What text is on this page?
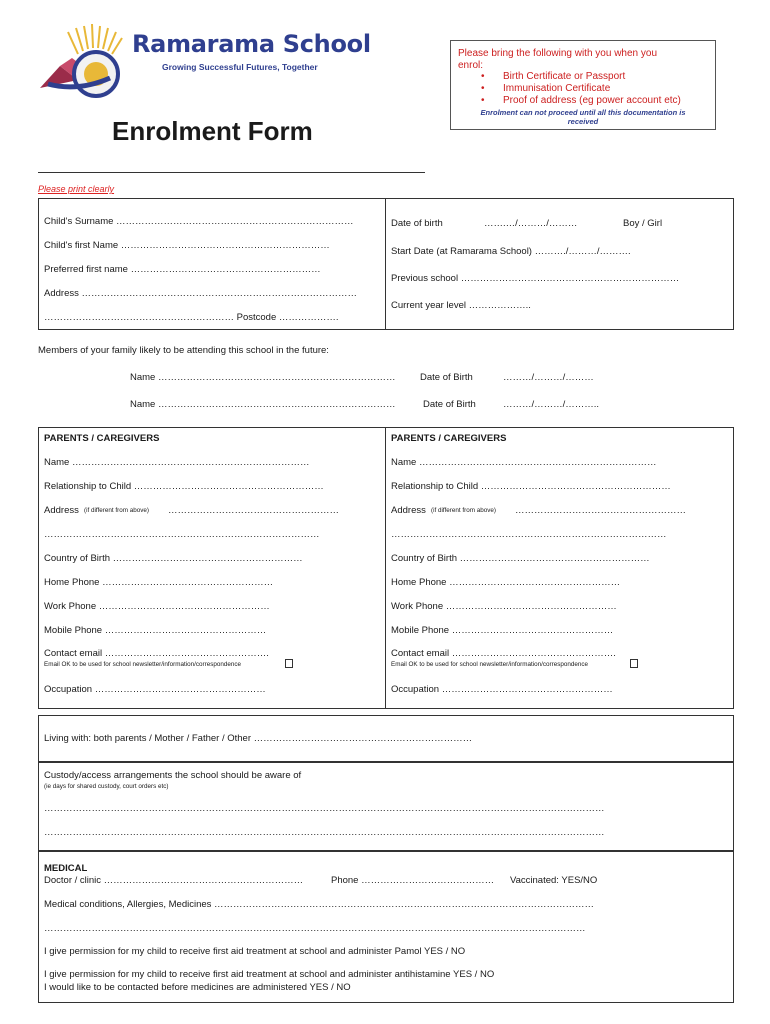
Ramarama School
Growing Successful Futures, Together
Enrolment Form
Please bring the following with you when you
enrol:
• Birth Certificate or Passport
• Immunisation Certificate
• Proof of address (eg power account etc)
Enrolment can not proceed until all this documentation is
received
Please print clearly
Child's Surname …………………………………………………………………
Child's first Name …………………………………………………………
Preferred first name ……………………………………………………
Address ……………………………………………………………………………
…………………………………………………… Postcode ……………….
Date of birth	…….…/………/………	Boy / Girl
Start Date (at Ramarama School) ………./………/……….
Previous school ……………………………………………………………
Current year level ………………..
Members of your family likely to be attending this school in the future:
Name …………………………………………………………………	Date of Birth	………/………/………
Name …………………………………………………………………	Date of Birth	………/………/………..
PARENTS / CAREGIVERS
Name …………………………………………………………………
Relationship to Child ……………………………………………………
Address (if different from above) ………………………………………………
……………………………………………………………………………
Country of Birth ……………………………………………………
Home Phone ………………………………………………
Work Phone ………………………………………………
Mobile Phone ……………………………………………
Contact email …………………………………………….
Email OK to be used for school newsletter/information/correspondence
Occupation ………………………………………………
PARENTS / CAREGIVERS
Name …………………………………………………………………
Relationship to Child ……………………………………………………
Address (if different from above) ………………………………………………
……………………………………………………………………………
Country of Birth ……………………………………………………
Home Phone ………………………………………………
Work Phone ………………………………………………
Mobile Phone ……………………………………………
Contact email …………………………………………….
Email OK to be used for school newsletter/information/correspondence
Occupation ………………………………………………
Living with: both parents / Mother / Father / Other ……………………………………………………………
Custody/access arrangements the school should be aware of
(ie days for shared custody, court orders etc)
……………………………………………………………………………………………………………………………………………………………
……………………………………………………………………………………………………………………………………………………………
MEDICAL
Doctor / clinic ………………………………………………………	Phone …………………………………… Vaccinated: YES/NO
Medical conditions, Allergies, Medicines …………………………………………………………………………………………………………
………………………………………………………………………………………………………………………………………………………
I give permission for my child to receive first aid treatment at school and administer Pamol YES / NO
I give permission for my child to receive first aid treatment at school and administer antihistamine YES / NO
I would like to be contacted before medicines are administered YES / NO
